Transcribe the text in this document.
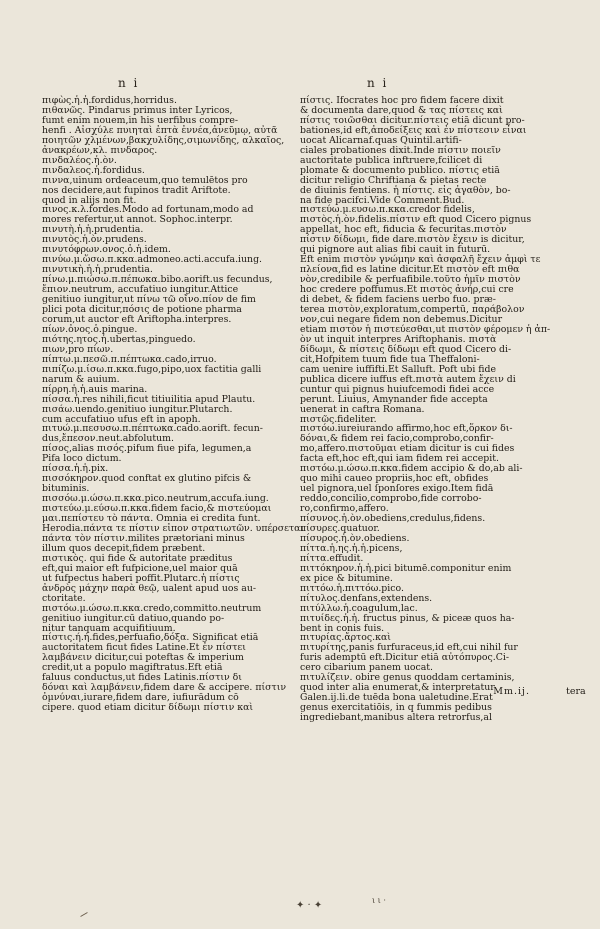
n i	n i
πιφὼς.ἡ.ἡ.fordidus,horridus.
πιθανῶς. Pindarus primus inter Lyricos,
fumt enim nouem,in his uerfibus compre-
henfi . Αἰσχύλε πυιηταὶ ἑπτὰ ἐννέα,ἀνεῦμῳ, αὐτᾶ
ποιητῶν χλμένων,βακχυλίδης,σιμωνίδης, αλκαῖος,
ἀνακρέων,κλ. πινδαρος.
πινδαλέος.ἡ.ὸν.
πινδαλεος.ἡ.fordidus.
πιννα,uinum ordeaceum,quo temulētos pro
nos decidere,aut fupinos tradit Ariftote.
quod in alijs non fit.
πινος.κ.λ.fordes.Modo ad fortunam,modo ad
mores refertur,ut annot. Sophoc.interpr.
πινυτὴ.ἡ.ἡ.prudentia.
πινυτὸς.ἡ.ὸν.prudens.
πινυτόφρων.ονος.ὁ.ἡ.idem.
πινύω.μ.ὥσω.π.κκα.admoneo.acti.accufa.iung.
πινυτικὴ.ἡ.ἡ.prudentia.
πίνω.μ.πιώσω.π.πέπωκα.bibo.aorift.us fecundus,
ἔπιον.neutrum, accufatiuo iungitur.Attice
genitiuo iungitur,ut πίνω τῶ οἴνο.πίον de fim
plici pota dicitur,πόσις de potione pharma
corum,ut auctor eft Ariftopha.interpres.
πίων.ὀνος.ὁ.pingue.
πιότης.ητος.ἡ.ubertas,pinguedo.
πιων,pro πίων.
πίπτω.μ.πεσῶ.π.πέπτωκα.cado,irruo.
πιπίζω.μ.ίσω.π.κκα.fugo,pipo,uox factitia galli
narum & auium.
πίρρη.ἡ.ἡ.auis marina.
πίσσα.ἡ.res nihili,ficut titiuilitia apud Plautu.
πισάω.uendo.genitiuo iungitur.Plutarch.
cum accufatiuo ufus eft in apoph.
πιτυώ.μ.πεσυσω.π.πέπτωκα.cado.aorift. fecun-
dus,ἔπεσον.neut.abfolutum.
πίσος,alias πισός.pifum fiue pifa, legumen,a
Pifa loco dictum.
πίσσα.ἡ.ἡ.pix.
πισσόκηρον.quod conftat ex glutino pifcis &
bituminis.
πισσόω.μ.ώσω.π.κκα.pico.neutrum,accufa.iung.
πιστεύω.μ.εύσω.π.κκα.fidem facio,& πιστεύομαι
μαι.πεπίστευ τὸ πάντα. Omnia ei credita funt.
Herodia.πάντα τε πίστιν εἰπον στρατιωτῶν. υπέρσεται
πάντα τὸν πίστιν.milites prætoriani minus
illum quos decepit,fidem præbent.
πιστικὸς. qui fide & autoritate præditus
eft,qui maior eft fufpicione,uel maior quā
ut fufpectus haberi poffit.Plutarc.ἡ πίστις
ἀνδρὸς μάχην παρὰ θεῷ, ualent apud uos au-
ctoritate.
πιστόω.μ.ώσω.π.κκα.credo,committo.neutrum
genitiuo iungitur.cū datiuo,quando po-
nitur tanquam acquifitiuum.
πίστις.ή.ή.fides,perfuafio,δόξα. Significat etiā
auctoritatem ficut fides Latine.Et ἐν πίστει
λαμβάνειν dicitur,cui poteftas & imperium
credit,ut a populo magiftratus.Eft etiā
faluus conductus,ut fides Latinis.πίστιν δι
δόναι καὶ λαμβάνειν,fidem dare & accipere. πίστιν
ὀμνύναι,iurare,fidem dare, iufiurādum cō
cipere. quod etiam dicitur δίδωμι πίστιν καὶ
πίστις. Ifocrates hoc pro fidem facere dixit
& documenta dare,quod & τας πίστεις καὶ
πίστις τοιῶσθαι dicitur.πίστεις etiā dicunt pro-
bationes,id eft,ἀποδείξεις καὶ ἐν πίστεσιν εἶναι
uocat Alicarnaf.quas Quintil.artifi-
ciales probationes dixit.Inde πίστιν ποιεῖν
auctoritate publica inftruere,fcilicet di
plomate & documento publico. πίστις etiā
dicitur religio Chriftiana & pietas recte
de diuinis fentiens. ἡ πίστις. εἰς ἀγαθὸν, bo-
na fide pacifci.Vide Comment.Bud.
πιστεύω.μ.ευσω.π.κκα.credor fidelis,
πιστὸς.ἡ.ὸν.fidelis.πίστιν eft quod Cicero pignus
appellat, hoc eft, fiducia & fecuritas.πιστὸν
πίστιν δίδωμι, fide dare.πιστὸν ἔχειν is dicitur,
qui pignore aut alias fibi cauit in futurū.
Eft enim πιστὸν γνώμην καὶ ἀσφαλῆ ἔχειν ἀμφὶ τε
πλείονα,fid es latine dicitur.Et πιστὸν eft πιθα
νὸν,credibile & perfuafibile.τοῦτο ἡμῖν πιστὸν
hoc credere poffumus.Et πιστὸς ἀνήρ,cui cre
di debet, & fidem faciens uerbo fuo. præ-
terea πιστὸν,exploratum,compertū, παράβολον
νον,cui negare fidem non debemus.Dicitur
etiam πιστὸν ἡ πιστεύεσθαι,ut πιστὸν φέρομεν ἡ ἀπ-
ὸν ut inquit interpres Ariftophanis. πιστὰ
δίδωμι, & πίστεις δίδωμι eft quod Cicero di-
cit,Hofpitem tuum fide tua Theffaloni-
cam uenire iuffifti.Et Salluft. Poft ubi fide
publica dicere iuffus eft.πιστὰ autem ἔχειν di
cuntur qui pignus huiufcemodi fidei acce
perunt. Liuius, Amynander fide accepta
uenerat in caftra Romana.
πιστῶς.fideliter.
πιστόω.iureiurando affirmo,hoc eft,ὅρκον δι-
δόναι,& fidem rei facio,comprobo,confir-
mo,affero.πιστοῦμαι etiam dicitur is cui fides
facta eft,hoc eft,qui iam fidem rei accepit.
πιστόω.μ.ώσω.π.κκα.fidem accipio & do,ab ali-
quo mihi caueo propriis,hoc eft, obfides
uel pignora,uel ſponſores exigo.Item fidā
reddo,concilio,comprobo,fide corrobo-
ro,confirmo,affero.
πίσυνος.ἡ.ὸν.obediens,credulus,fidens.
πίσυρες.quatuor.
πίσυρος.ἡ.ὸν.obediens.
πίττα.ἡ.ης.ἡ.ἡ.picens,
πίττα.effudit.
πιττόκηρον.ἡ.ἡ.pici bitumē.componitur enim
ex pice & bitumine.
πιττόω.ἡ.πιττόω.pico.
πίτυλος.denfans,extendens.
πιτύλλω.ἡ.coagulum,lac.
πιτυίδες.ἡ.ἡ. fructus pinus, & piceæ quos ha-
bent in conis fuis.
πιτυρίας.ἄρτος.καὶ
πιτυρίτης,panis furfuraceus,id eft,cui nihil fur
furis ademptū eft.Dicitur etiā αὐτόπυρος.Ci-
cero cibarium panem uocat.
πιτυλίζειν. obire genus quoddam certaminis,
quod inter alia enumerat,& interpretatur
Galen.ij.li.de tuēda bona ualetudine.Erat
genus exercitatiōis, in q fummis pedibus
ingrediebant,manibus altera retrorfus,al
Mm.ij.	tera
✦ · ✦	ι ι ·
